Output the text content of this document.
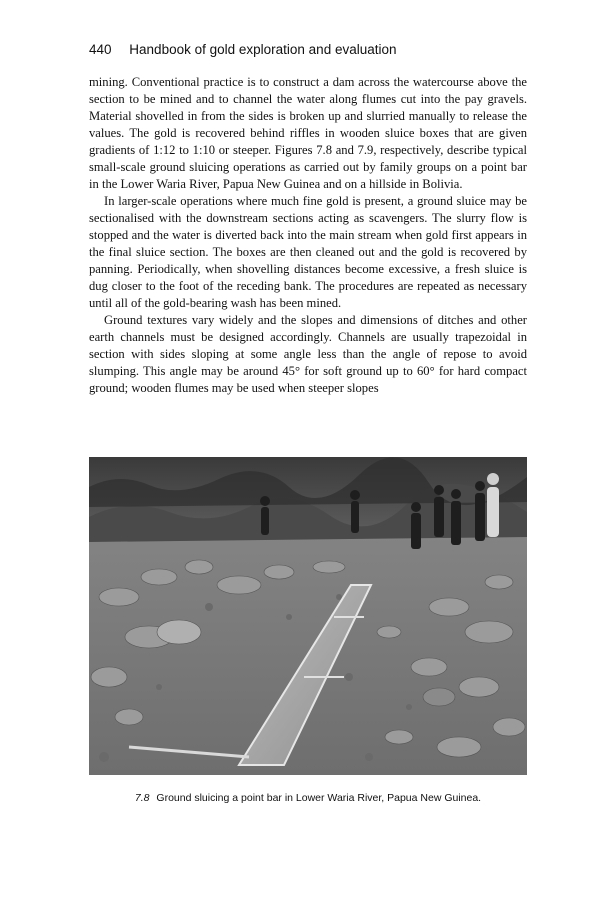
440 Handbook of gold exploration and evaluation

mining. Conventional practice is to construct a dam across the watercourse above the section to be mined and to channel the water along flumes cut into the pay gravels. Material shovelled in from the sides is broken up and slurried manually to release the values. The gold is recovered behind riffles in wooden sluice boxes that are given gradients of 1:12 to 1:10 or steeper. Figures 7.8 and 7.9, respectively, describe typical small-scale ground sluicing operations as carried out by family groups on a point bar in the Lower Waria River, Papua New Guinea and on a hillside in Bolivia.

In larger-scale operations where much fine gold is present, a ground sluice may be sectionalised with the downstream sections acting as scavengers. The slurry flow is stopped and the water is diverted back into the main stream when gold first appears in the final sluice section. The boxes are then cleaned out and the gold is recovered by panning. Periodically, when shovelling distances become excessive, a fresh sluice is dug closer to the foot of the receding bank. The procedures are repeated as necessary until all of the gold-bearing wash has been mined.

Ground textures vary widely and the slopes and dimensions of ditches and other earth channels must be designed accordingly. Channels are usually trapezoidal in section with sides sloping at some angle less than the angle of repose to avoid slumping. This angle may be around 45° for soft ground up to 60° for hard compact ground; wooden flumes may be used when steeper slopes

7.8 Ground sluicing a point bar in Lower Waria River, Papua New Guinea.
